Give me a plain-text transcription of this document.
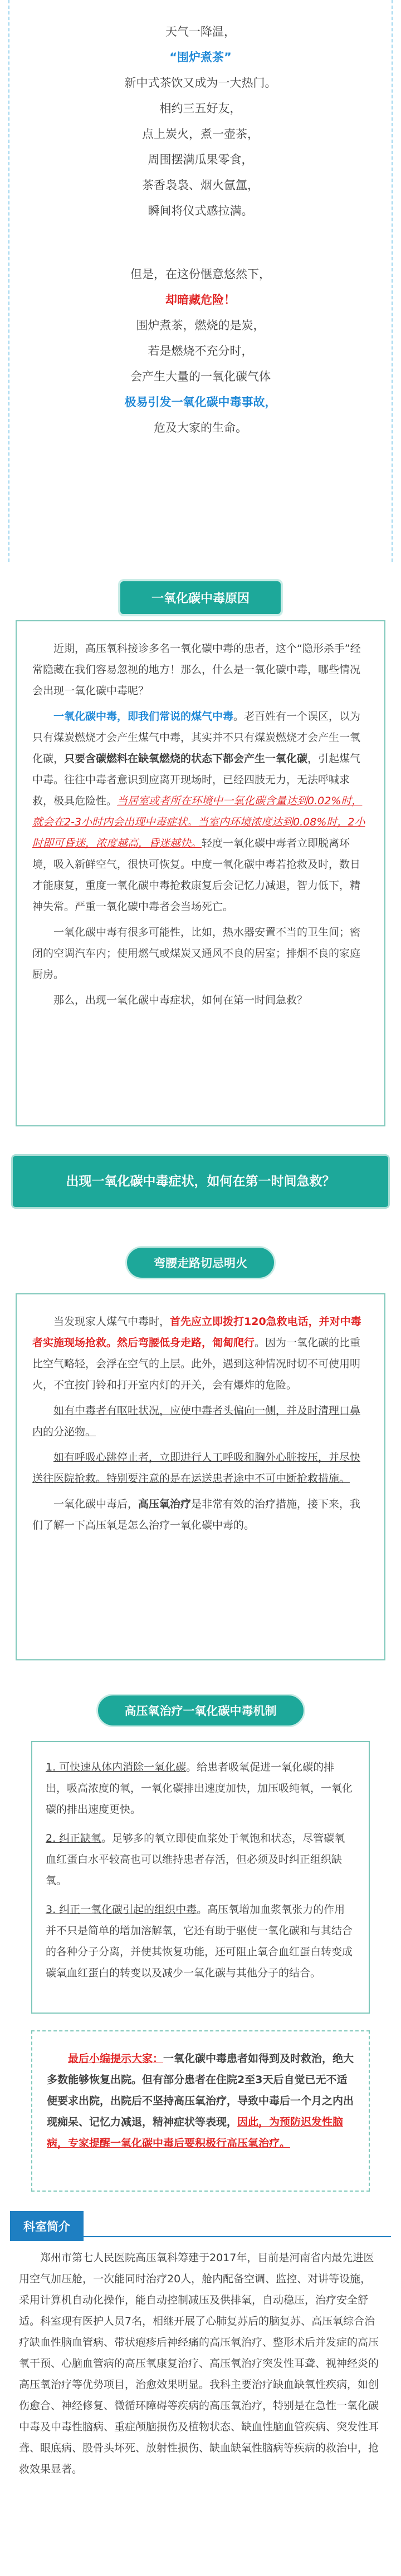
天气一降温，

“围炉煮茶”

新中式茶饮又成为一大热门。

相约三五好友，

点上炭火，煮一壶茶，

周围摆满瓜果零食，

茶香袅袅、烟火氤氲，

瞬间将仪式感拉满。

但是，在这份惬意悠然下，

却暗藏危险！

围炉煮茶，燃烧的是炭，

若是燃烧不充分时，

会产生大量的一氧化碳气体

极易引发一氧化碳中毒事故，

危及大家的生命。

一氧化碳中毒原因

近期，高压氧科接诊多名一氧化碳中毒的患者，这个“隐形杀手”经常隐藏在我们容易忽视的地方！那么，什么是一氧化碳中毒，哪些情况会出现一氧化碳中毒呢？

一氧化碳中毒，即我们常说的煤气中毒。老百姓有一个误区，以为只有煤炭燃烧才会产生煤气中毒，其实并不只有煤炭燃烧才会产生一氧化碳，只要含碳燃料在缺氧燃烧的状态下都会产生一氧化碳，引起煤气中毒。往往中毒者意识到应离开现场时，已经四肢无力，无法呼喊求救，极具危险性。当居室或者所在环境中一氧化碳含量达到0.02%时，就会在2-3小时内会出现中毒症状。当室内环境浓度达到0.08%时，2小时即可昏迷，浓度越高，昏迷越快。轻度一氧化碳中毒者立即脱离环境，吸入新鲜空气，很快可恢复。中度一氧化碳中毒若抢救及时，数日才能康复，重度一氧化碳中毒抢救康复后会记忆力减退，智力低下，精神失常。严重一氧化碳中毒者会当场死亡。

一氧化碳中毒有很多可能性，比如，热水器安置不当的卫生间；密闭的空调汽车内；使用燃气或煤炭又通风不良的居室；排烟不良的家庭厨房。

那么，出现一氧化碳中毒症状，如何在第一时间急救？

出现一氧化碳中毒症状，如何在第一时间急救？
弯腰走路切忌明火

当发现家人煤气中毒时，首先应立即拨打120急救电话，并对中毒者实施现场抢救。然后弯腰低身走路，匍匐爬行。因为一氧化碳的比重比空气略轻，会浮在空气的上层。此外，遇到这种情况时切不可使用明火，不宜按门铃和打开室内灯的开关，会有爆炸的危险。

如有中毒者有呕吐状况，应使中毒者头偏向一侧，并及时清理口鼻内的分泌物。

如有呼吸心跳停止者，立即进行人工呼吸和胸外心脏按压，并尽快送往医院抢救。特别要注意的是在运送患者途中不可中断抢救措施。

一氧化碳中毒后，高压氧治疗是非常有效的治疗措施，接下来，我们了解一下高压氧是怎么治疗一氧化碳中毒的。

高压氧治疗一氧化碳中毒机制

1. 可快速从体内消除一氧化碳。给患者吸氧促进一氧化碳的排出，吸高浓度的氧，一氧化碳排出速度加快，加压吸纯氧，一氧化碳的排出速度更快。

2. 纠正缺氧。足够多的氧立即使血浆处于氧饱和状态，尽管碳氧血红蛋白水平较高也可以维持患者存活，但必须及时纠正组织缺氧。

3. 纠正一氧化碳引起的组织中毒。高压氧增加血浆氧张力的作用并不只是简单的增加溶解氧，它还有助于驱使一氧化碳和与其结合的各种分子分离，并使其恢复功能，还可阻止氧合血红蛋白转变成碳氧血红蛋白的转变以及减少一氧化碳与其他分子的结合。

最后小编提示大家：一氧化碳中毒患者如得到及时救治，绝大多数能够恢复出院。但有部分患者在住院2至3天后自觉已无不适便要求出院，出院后不坚持高压氧治疗，导致中毒后一个月之内出现痴呆、记忆力减退，精神症状等表现，因此，为预防迟发性脑病，专家提醒一氧化碳中毒后要积极行高压氧治疗。

科室简介

郑州市第七人民医院高压氧科筹建于2017年，目前是河南省内最先进医用空气加压舱，一次能同时治疗20人，舱内配备空调、监控、对讲等设施，采用计算机自动化操作，能自动控制减压及供排氧，自动稳压，治疗安全舒适。科室现有医护人员7名，相继开展了心肺复苏后的脑复苏、高压氧综合治疗缺血性脑血管病、带状疱疹后神经痛的高压氧治疗、整形术后并发症的高压氧干预、心脑血管病的高压氧康复治疗、高压氧治疗突发性耳聋、视神经炎的高压氧治疗等优势项目，治愈效果明显。我科主要治疗缺血缺氧性疾病，如创伤愈合、神经修复、微循环障碍等疾病的高压氧治疗，特别是在急性一氧化碳中毒及中毒性脑病、重症颅脑损伤及植物状态、缺血性脑血管疾病、突发性耳聋、眼底病、股骨头坏死、放射性损伤、缺血缺氧性脑病等疾病的救治中，抢救效果显著。
